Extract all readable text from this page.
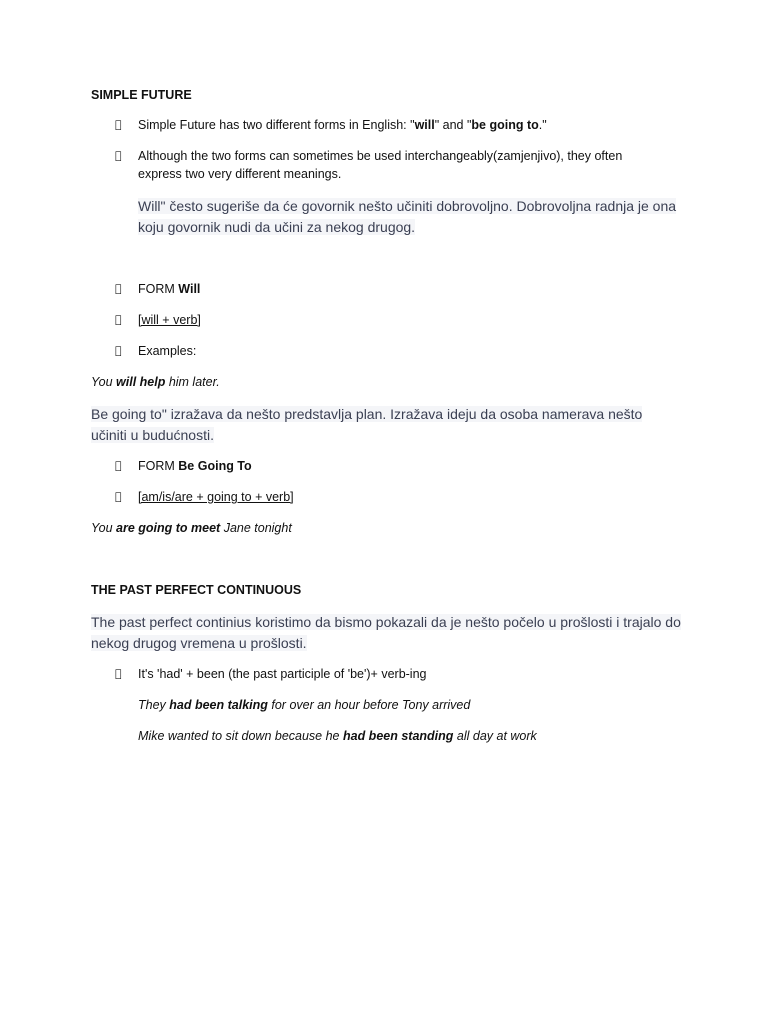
SIMPLE FUTURE
Simple Future has two different forms in English: "will" and "be going to."
Although the two forms can sometimes be used interchangeably(zamjenjivo), they often express two very different meanings.
Will" često sugeriše da će govornik nešto učiniti dobrovoljno. Dobrovoljna radnja je ona koju govornik nudi da učini za nekog drugog.
FORM Will
[will + verb]
Examples:
You will help him later.
Be going to" izražava da nešto predstavlja plan. Izražava ideju da osoba namerava nešto učiniti u budućnosti.
FORM Be Going To
[am/is/are + going to + verb]
You are going to meet Jane tonight
THE PAST PERFECT CONTINUOUS
The past perfect continius koristimo da bismo pokazali da je nešto počelo u prošlosti i trajalo do nekog drugog vremena u prošlosti.
It's 'had' + been (the past participle of 'be')+ verb-ing
They had been talking for over an hour before Tony arrived
Mike wanted to sit down because he had been standing all day at work
